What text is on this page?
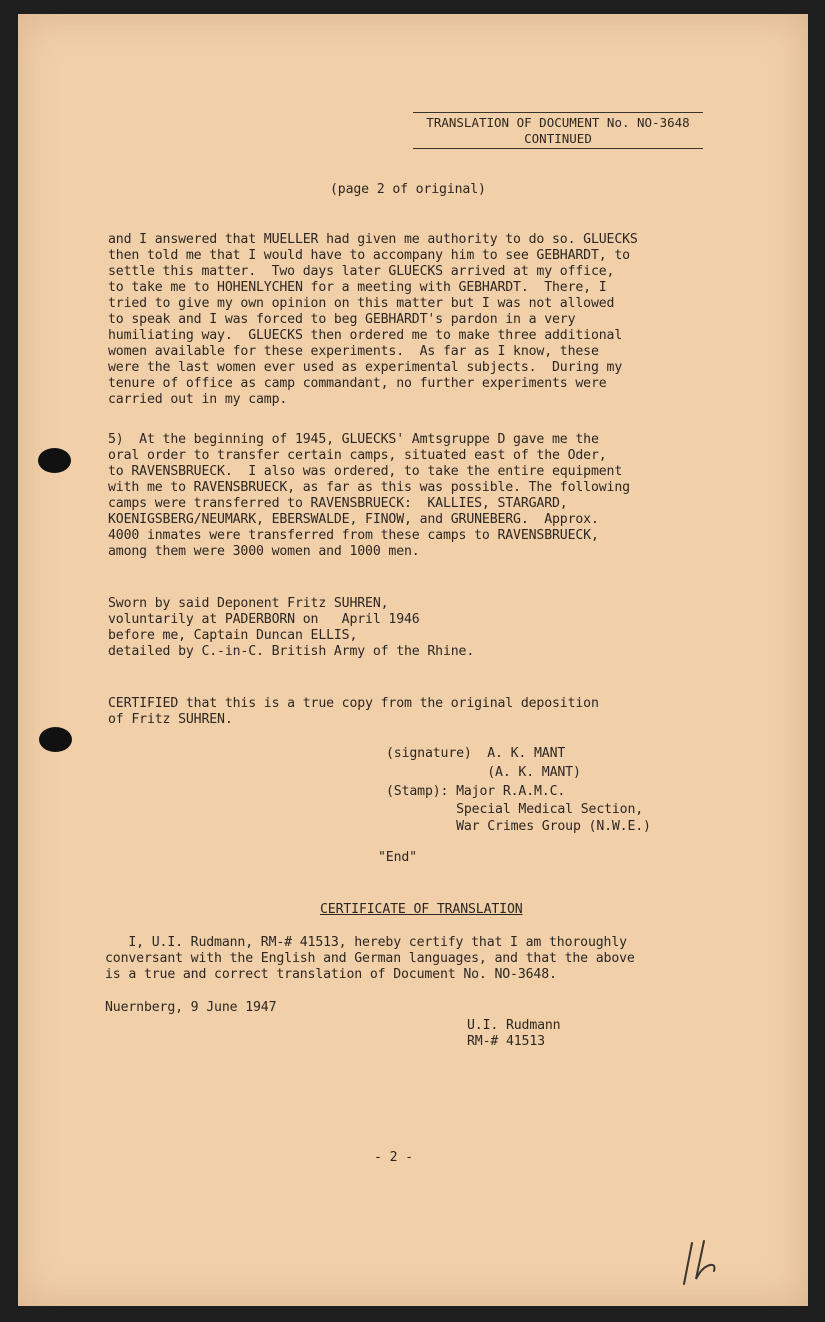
TRANSLATION OF DOCUMENT No. NO-3648
CONTINUED
(page 2 of original)
and I answered that MUELLER had given me authority to do so. GLUECKS
then told me that I would have to accompany him to see GEBHARDT, to
settle this matter.  Two days later GLUECKS arrived at my office,
to take me to HOHENLYCHEN for a meeting with GEBHARDT.  There, I
tried to give my own opinion on this matter but I was not allowed
to speak and I was forced to beg GEBHARDT's pardon in a very
humiliating way.  GLUECKS then ordered me to make three additional
women available for these experiments.  As far as I know, these
were the last women ever used as experimental subjects.  During my
tenure of office as camp commandant, no further experiments were
carried out in my camp.
5)  At the beginning of 1945, GLUECKS' Amtsgruppe D gave me the
oral order to transfer certain camps, situated east of the Oder,
to RAVENSBRUECK.  I also was ordered, to take the entire equipment
with me to RAVENSBRUECK, as far as this was possible. The following
camps were transferred to RAVENSBRUECK:  KALLIES, STARGARD,
KOENIGSBERG/NEUMARK, EBERSWALDE, FINOW, and GRUNEBERG.  Approx.
4000 inmates were transferred from these camps to RAVENSBRUECK,
among them were 3000 women and 1000 men.
Sworn by said Deponent Fritz SUHREN,
voluntarily at PADERBORN on   April 1946
before me, Captain Duncan ELLIS,
detailed by C.-in-C. British Army of the Rhine.
CERTIFIED that this is a true copy from the original deposition
of Fritz SUHREN.
(signature)  A. K. MANT
(A. K. MANT)
(Stamp): Major R.A.M.C.
Special Medical Section,
War Crimes Group (N.W.E.)
"End"
CERTIFICATE OF TRANSLATION
I, U.I. Rudmann, RM-# 41513, hereby certify that I am thoroughly
conversant with the English and German languages, and that the above
is a true and correct translation of Document No. NO-3648.
Nuernberg, 9 June 1947
U.I. Rudmann
RM-# 41513
- 2 -
